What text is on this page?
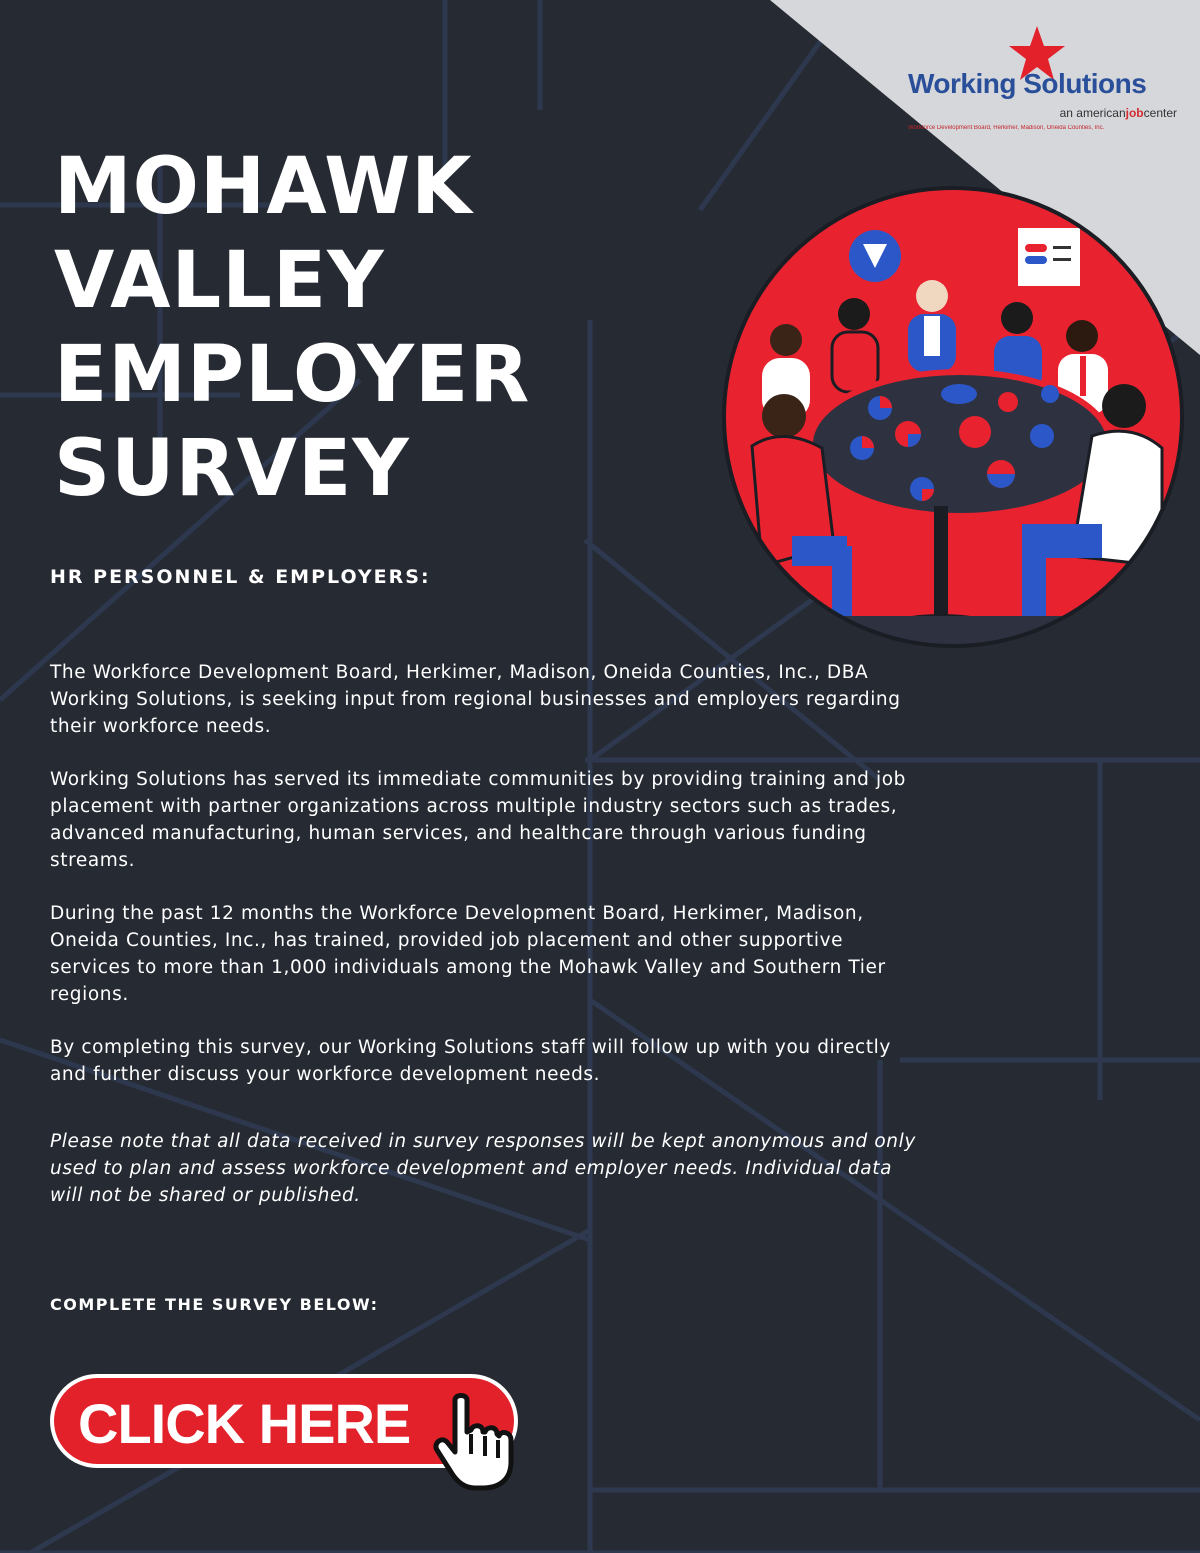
Working Solutions
an americanjobcenter
Workforce Development Board, Herkimer, Madison, Oneida Counties, Inc.
MOHAWK
VALLEY
EMPLOYER
SURVEY
HR PERSONNEL & EMPLOYERS:

The Workforce Development Board, Herkimer, Madison, Oneida Counties, Inc., DBA Working Solutions, is seeking input from regional businesses and employers regarding their workforce needs.

Working Solutions has served its immediate communities by providing training and job placement with partner organizations across multiple industry sectors such as trades, advanced manufacturing, human services, and healthcare through various funding streams.

During the past 12 months the Workforce Development Board, Herkimer, Madison, Oneida Counties, Inc., has trained, provided job placement and other supportive services to more than 1,000 individuals among the Mohawk Valley and Southern Tier regions.

By completing this survey, our Working Solutions staff will follow up with you directly and further discuss your workforce development needs.

Please note that all data received in survey responses will be kept anonymous and only used to plan and assess workforce development and employer needs. Individual data will not be shared or published.

COMPLETE THE SURVEY BELOW:

CLICK HERE
